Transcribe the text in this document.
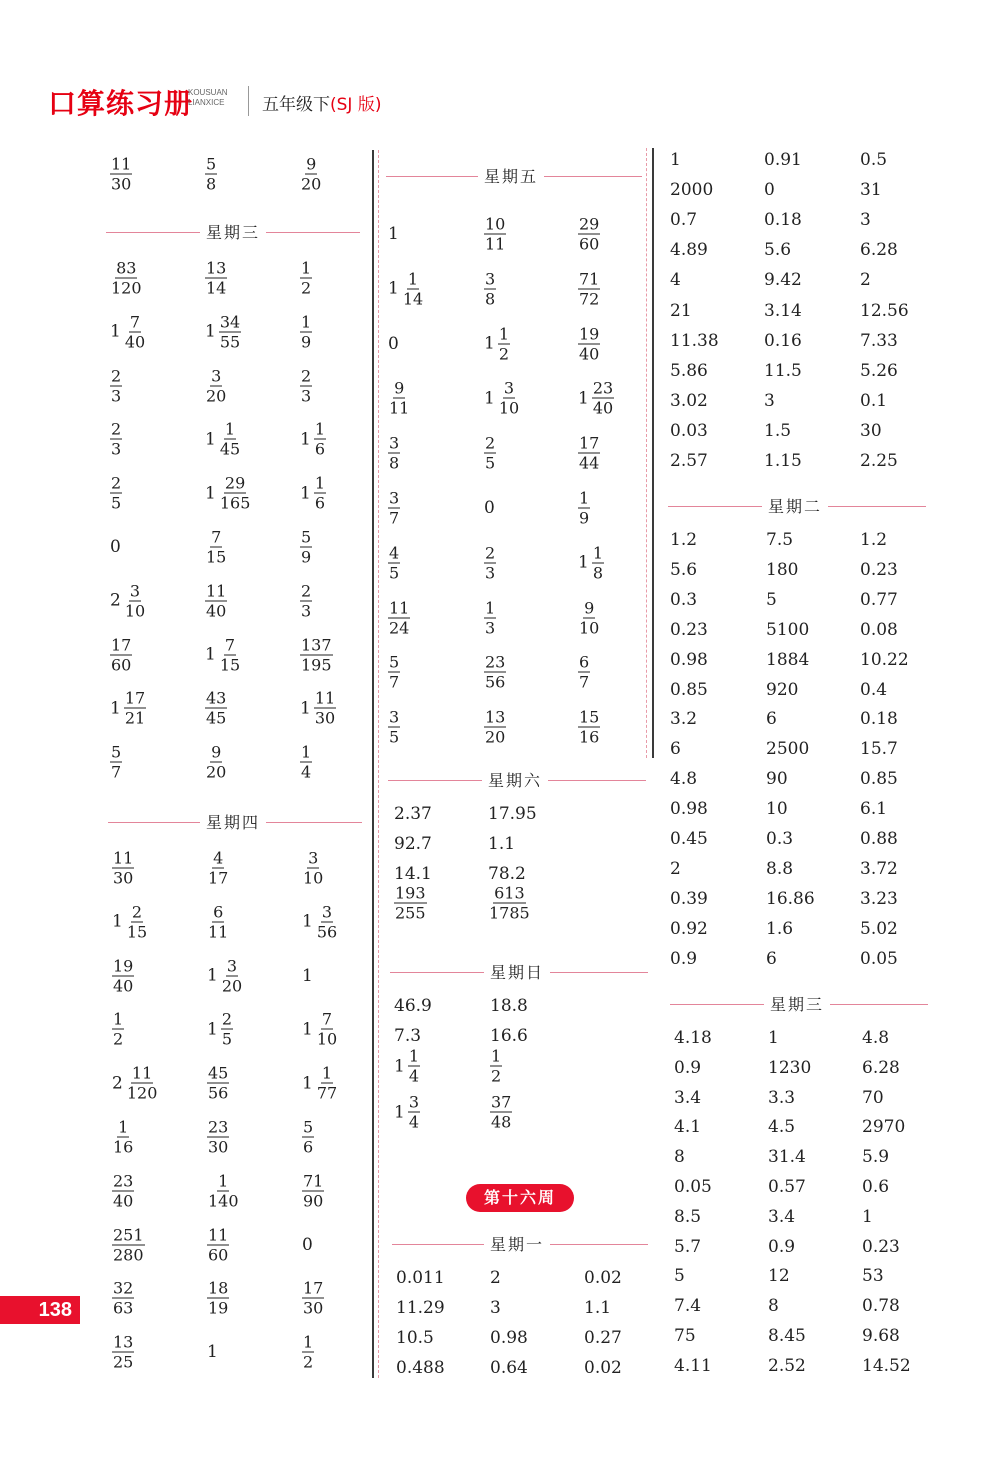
口算练习册
KOUSUAN
LIANXICE	五年级下(SJ 版)
第十六周
138
$\frac{11}{30}$	$\frac{5}{8}$	$\frac{9}{20}$
星期三
$\frac{83}{120}$	$\frac{13}{14}$	$\frac{1}{2}$
$1 \frac{7}{40}$	$1 \frac{34}{55}$	$\frac{1}{9}$
$\frac{2}{3}$	$\frac{3}{20}$	$\frac{2}{3}$
$\frac{2}{3}$	$1 \frac{1}{45}$	$1 \frac{1}{6}$
$\frac{2}{5}$	$1 \frac{29}{165}$	$1 \frac{1}{6}$
0	$\frac{7}{15}$	$\frac{5}{9}$
$2 \frac{3}{10}$	$\frac{11}{40}$	$\frac{2}{3}$
$\frac{17}{60}$	$1 \frac{7}{15}$	$\frac{137}{195}$
$1 \frac{17}{21}$	$\frac{43}{45}$	$1 \frac{11}{30}$
$\frac{5}{7}$	$\frac{9}{20}$	$\frac{1}{4}$
星期四
$\frac{11}{30}$	$\frac{4}{17}$	$\frac{3}{10}$
$1 \frac{2}{15}$	$\frac{6}{11}$	$1 \frac{3}{56}$
$\frac{19}{40}$	$1 \frac{3}{20}$	1
$\frac{1}{2}$	$1 \frac{2}{5}$	$1 \frac{7}{10}$
$2 \frac{11}{120}$	$\frac{45}{56}$	$1 \frac{1}{77}$
$\frac{1}{16}$	$\frac{23}{30}$	$\frac{5}{6}$
$\frac{23}{40}$	$\frac{1}{140}$	$\frac{71}{90}$
$\frac{251}{280}$	$\frac{11}{60}$	0
$\frac{32}{63}$	$\frac{18}{19}$	$\frac{17}{30}$
$\frac{13}{25}$	1	$\frac{1}{2}$
星期五
1	$\frac{10}{11}$	$\frac{29}{60}$
$1 \frac{1}{14}$	$\frac{3}{8}$	$\frac{71}{72}$
0	$1 \frac{1}{2}$	$\frac{19}{40}$
$\frac{9}{11}$	$1 \frac{3}{10}$	$1 \frac{23}{40}$
$\frac{3}{8}$	$\frac{2}{5}$	$\frac{17}{44}$
$\frac{3}{7}$	0	$\frac{1}{9}$
$\frac{4}{5}$	$\frac{2}{3}$	$1 \frac{1}{8}$
$\frac{11}{24}$	$\frac{1}{3}$	$\frac{9}{10}$
$\frac{5}{7}$	$\frac{23}{56}$	$\frac{6}{7}$
$\frac{3}{5}$	$\frac{13}{20}$	$\frac{15}{16}$
星期六
2.37	17.95
92.7	1.1
14.1	78.2
$\frac{193}{255}$	$\frac{613}{1785}$
星期日
46.9	18.8
7.3	16.6
$1 \frac{1}{4}$	$\frac{1}{2}$
$1 \frac{3}{4}$	$\frac{37}{48}$
星期一
0.011	2	0.02
11.29	3	1.1
10.5	0.98	0.27
0.488	0.64	0.02
1	0.91	0.5
2000	0	31
0.7	0.18	3
4.89	5.6	6.28
4	9.42	2
21	3.14	12.56
11.38	0.16	7.33
5.86	11.5	5.26
3.02	3	0.1
0.03	1.5	30
2.57	1.15	2.25
星期二
1.2	7.5	1.2
5.6	180	0.23
0.3	5	0.77
0.23	5100	0.08
0.98	1884	10.22
0.85	920	0.4
3.2	6	0.18
6	2500	15.7
4.8	90	0.85
0.98	10	6.1
0.45	0.3	0.88
2	8.8	3.72
0.39	16.86	3.23
0.92	1.6	5.02
0.9	6	0.05
星期三
4.18	1	4.8
0.9	1230	6.28
3.4	3.3	70
4.1	4.5	2970
8	31.4	5.9
0.05	0.57	0.6
8.5	3.4	1
5.7	0.9	0.23
5	12	53
7.4	8	0.78
75	8.45	9.68
4.11	2.52	14.52
